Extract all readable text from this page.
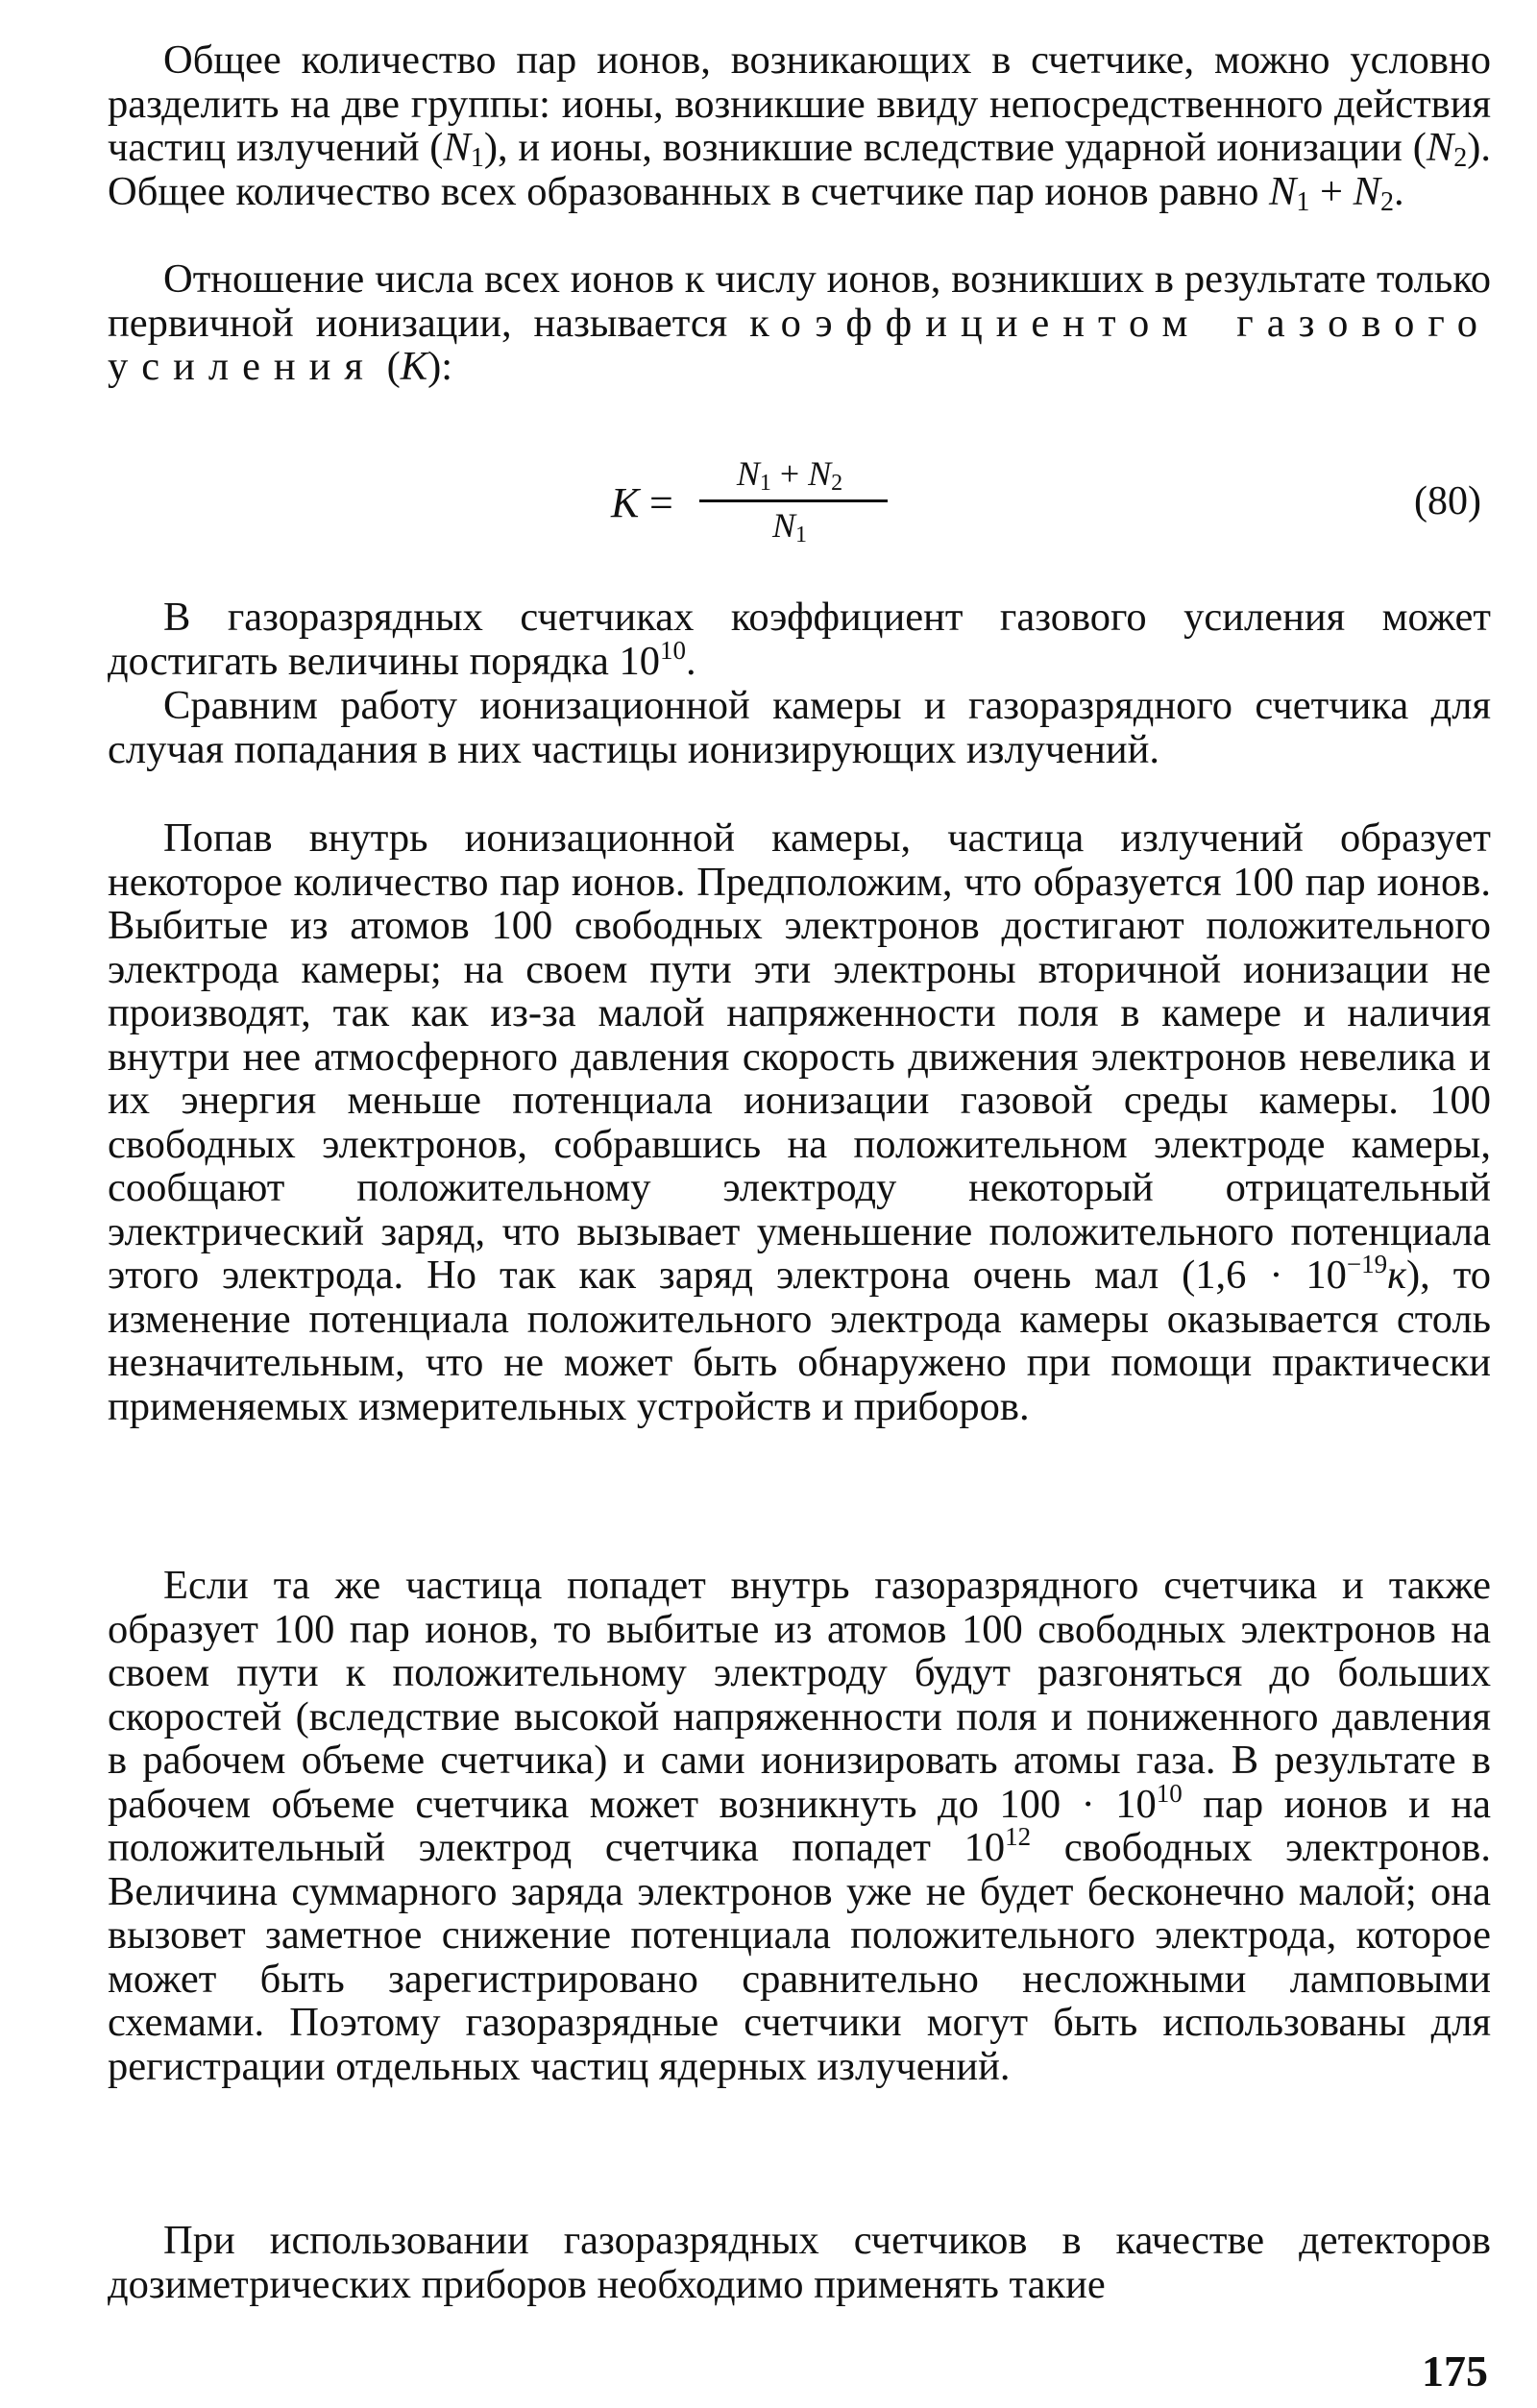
Общее количество пар ионов, возникающих в счетчике, можно условно разделить на две группы: ионы, возникшие ввиду непосредственного действия частиц излучений $(N_1)$, и ионы, возникшие вследствие ударной ионизации $(N_2)$. Общее количество всех образованных в счетчике пар ионов равно $N_1 + N_2$.

Отношение числа всех ионов к числу ионов, возникших в результате только первичной ионизации, называется коэффициентом газового усиления (K):

K =
$N_1 + N_2$
$N_1$
(80)

В газоразрядных счетчиках коэффициент газового усиления может достигать величины порядка $10^{10}$.

Сравним работу ионизационной камеры и газоразрядного счетчика для случая попадания в них частицы ионизирующих излучений.

Попав внутрь ионизационной камеры, частица излучений образует некоторое количество пар ионов. Предположим, что образуется 100 пар ионов. Выбитые из атомов 100 свободных электронов достигают положительного электрода камеры; на своем пути эти электроны вторичной ионизации не производят, так как из-за малой напряженности поля в камере и наличия внутри нее атмосферного давления скорость движения электронов невелика и их энергия меньше потенциала ионизации газовой среды камеры. 100 свободных электронов, собравшись на положительном электроде камеры, сообщают положительному электроду некоторый отрицательный электрический заряд, что вызывает уменьшение положительного потенциала этого электрода. Но так как заряд электрона очень мал $(1,6 \cdot 10^{-19}к)$, то изменение потенциала положительного электрода камеры оказывается столь незначительным, что не может быть обнаружено при помощи практически применяемых измерительных устройств и приборов.

Если та же частица попадет внутрь газоразрядного счетчика и также образует 100 пар ионов, то выбитые из атомов 100 свободных электронов на своем пути к положительному электроду будут разгоняться до больших скоростей (вследствие высокой напряженности поля и пониженного давления в рабочем объеме счетчика) и сами ионизировать атомы газа. В результате в рабочем объеме счетчика может возникнуть до $100 \cdot 10^{10}$ пар ионов и на положительный электрод счетчика попадет $10^{12}$ свободных электронов. Величина суммарного заряда электронов уже не будет бесконечно малой; она вызовет заметное снижение потенциала положительного электрода, которое может быть зарегистрировано сравнительно несложными ламповыми схемами. Поэтому газоразрядные счетчики могут быть использованы для регистрации отдельных частиц ядерных излучений.

При использовании газоразрядных счетчиков в качестве детекторов дозиметрических приборов необходимо применять такие

175
